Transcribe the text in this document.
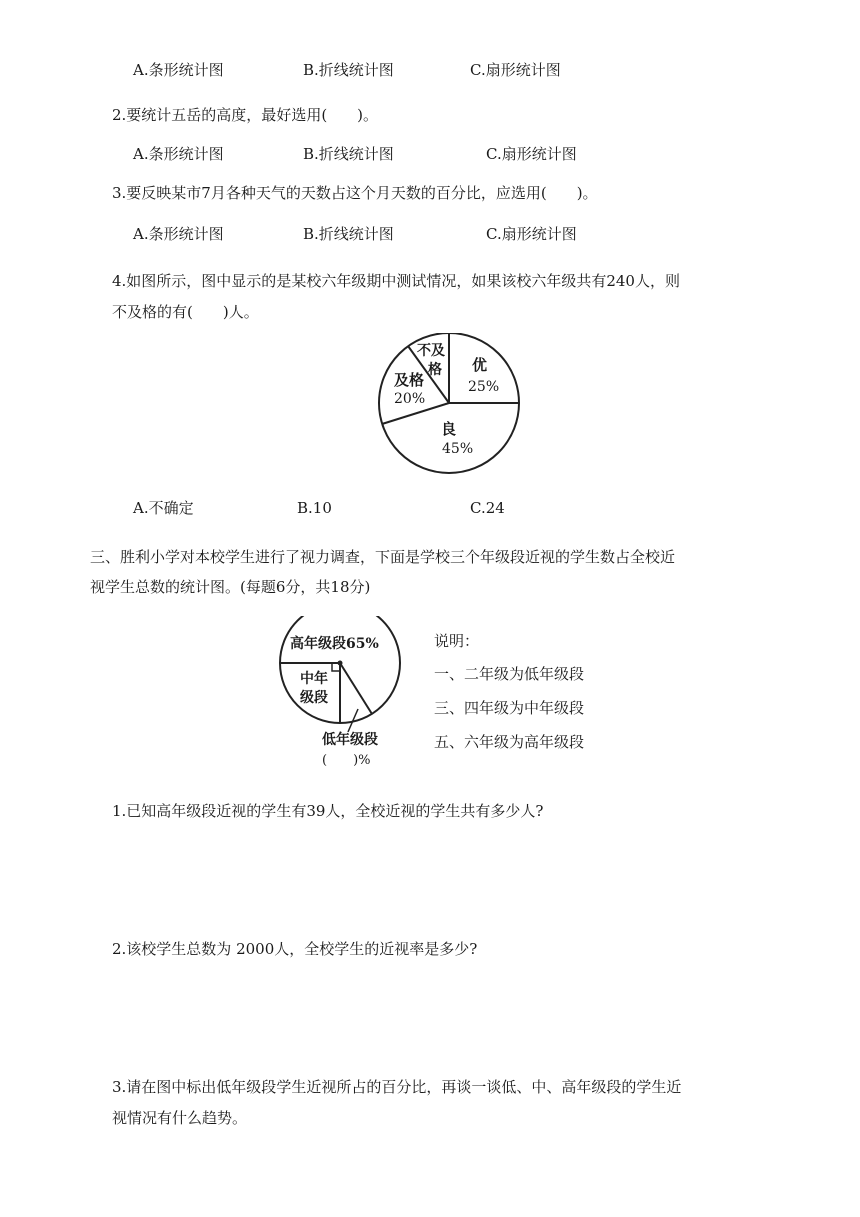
A.条形统计图	B.折线统计图	C.扇形统计图
2.要统计五岳的高度，最好选用(　　)。
A.条形统计图	B.折线统计图	C.扇形统计图
3.要反映某市7月各种天气的天数占这个月天数的百分比，应选用(　　)。
A.条形统计图	B.折线统计图	C.扇形统计图
4.如图所示，图中显示的是某校六年级期中测试情况，如果该校六年级共有240人，则
不及格的有(　　)人。
优
25%
良
45%
及格
20%
不及
格
A.不确定	B.10	C.24
三、胜利小学对本校学生进行了视力调查，下面是学校三个年级段近视的学生数占全校近
视学生总数的统计图。(每题6分，共18分)
高年级段65%
中年
级段
低年级段
(　　)%
说明：
一、二年级为低年级段
三、四年级为中年级段
五、六年级为高年级段
1.已知高年级段近视的学生有39人，全校近视的学生共有多少人?
2.该校学生总数为 2000人，全校学生的近视率是多少?
3.请在图中标出低年级段学生近视所占的百分比，再谈一谈低、中、高年级段的学生近
视情况有什么趋势。
